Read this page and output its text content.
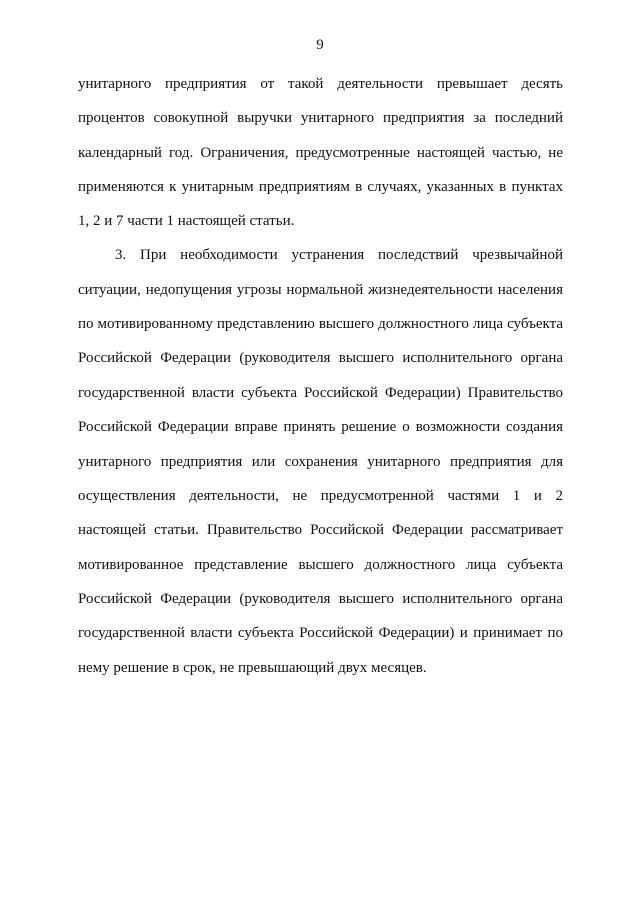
9
унитарного предприятия от такой деятельности превышает десять
процентов совокупной выручки унитарного предприятия за последний
календарный год. Ограничения, предусмотренные настоящей частью, не
применяются к унитарным предприятиям в случаях, указанных в пунктах
1, 2 и 7 части 1 настоящей статьи.
3. При необходимости устранения последствий чрезвычайной
ситуации, недопущения угрозы нормальной жизнедеятельности населения
по мотивированному представлению высшего должностного лица субъекта
Российской Федерации (руководителя высшего исполнительного органа
государственной власти субъекта Российской Федерации) Правительство
Российской Федерации вправе принять решение о возможности создания
унитарного предприятия или сохранения унитарного предприятия для
осуществления деятельности, не предусмотренной частями 1 и 2
настоящей статьи. Правительство Российской Федерации рассматривает
мотивированное представление высшего должностного лица субъекта
Российской Федерации (руководителя высшего исполнительного органа
государственной власти субъекта Российской Федерации) и принимает по
нему решение в срок, не превышающий двух месяцев.
